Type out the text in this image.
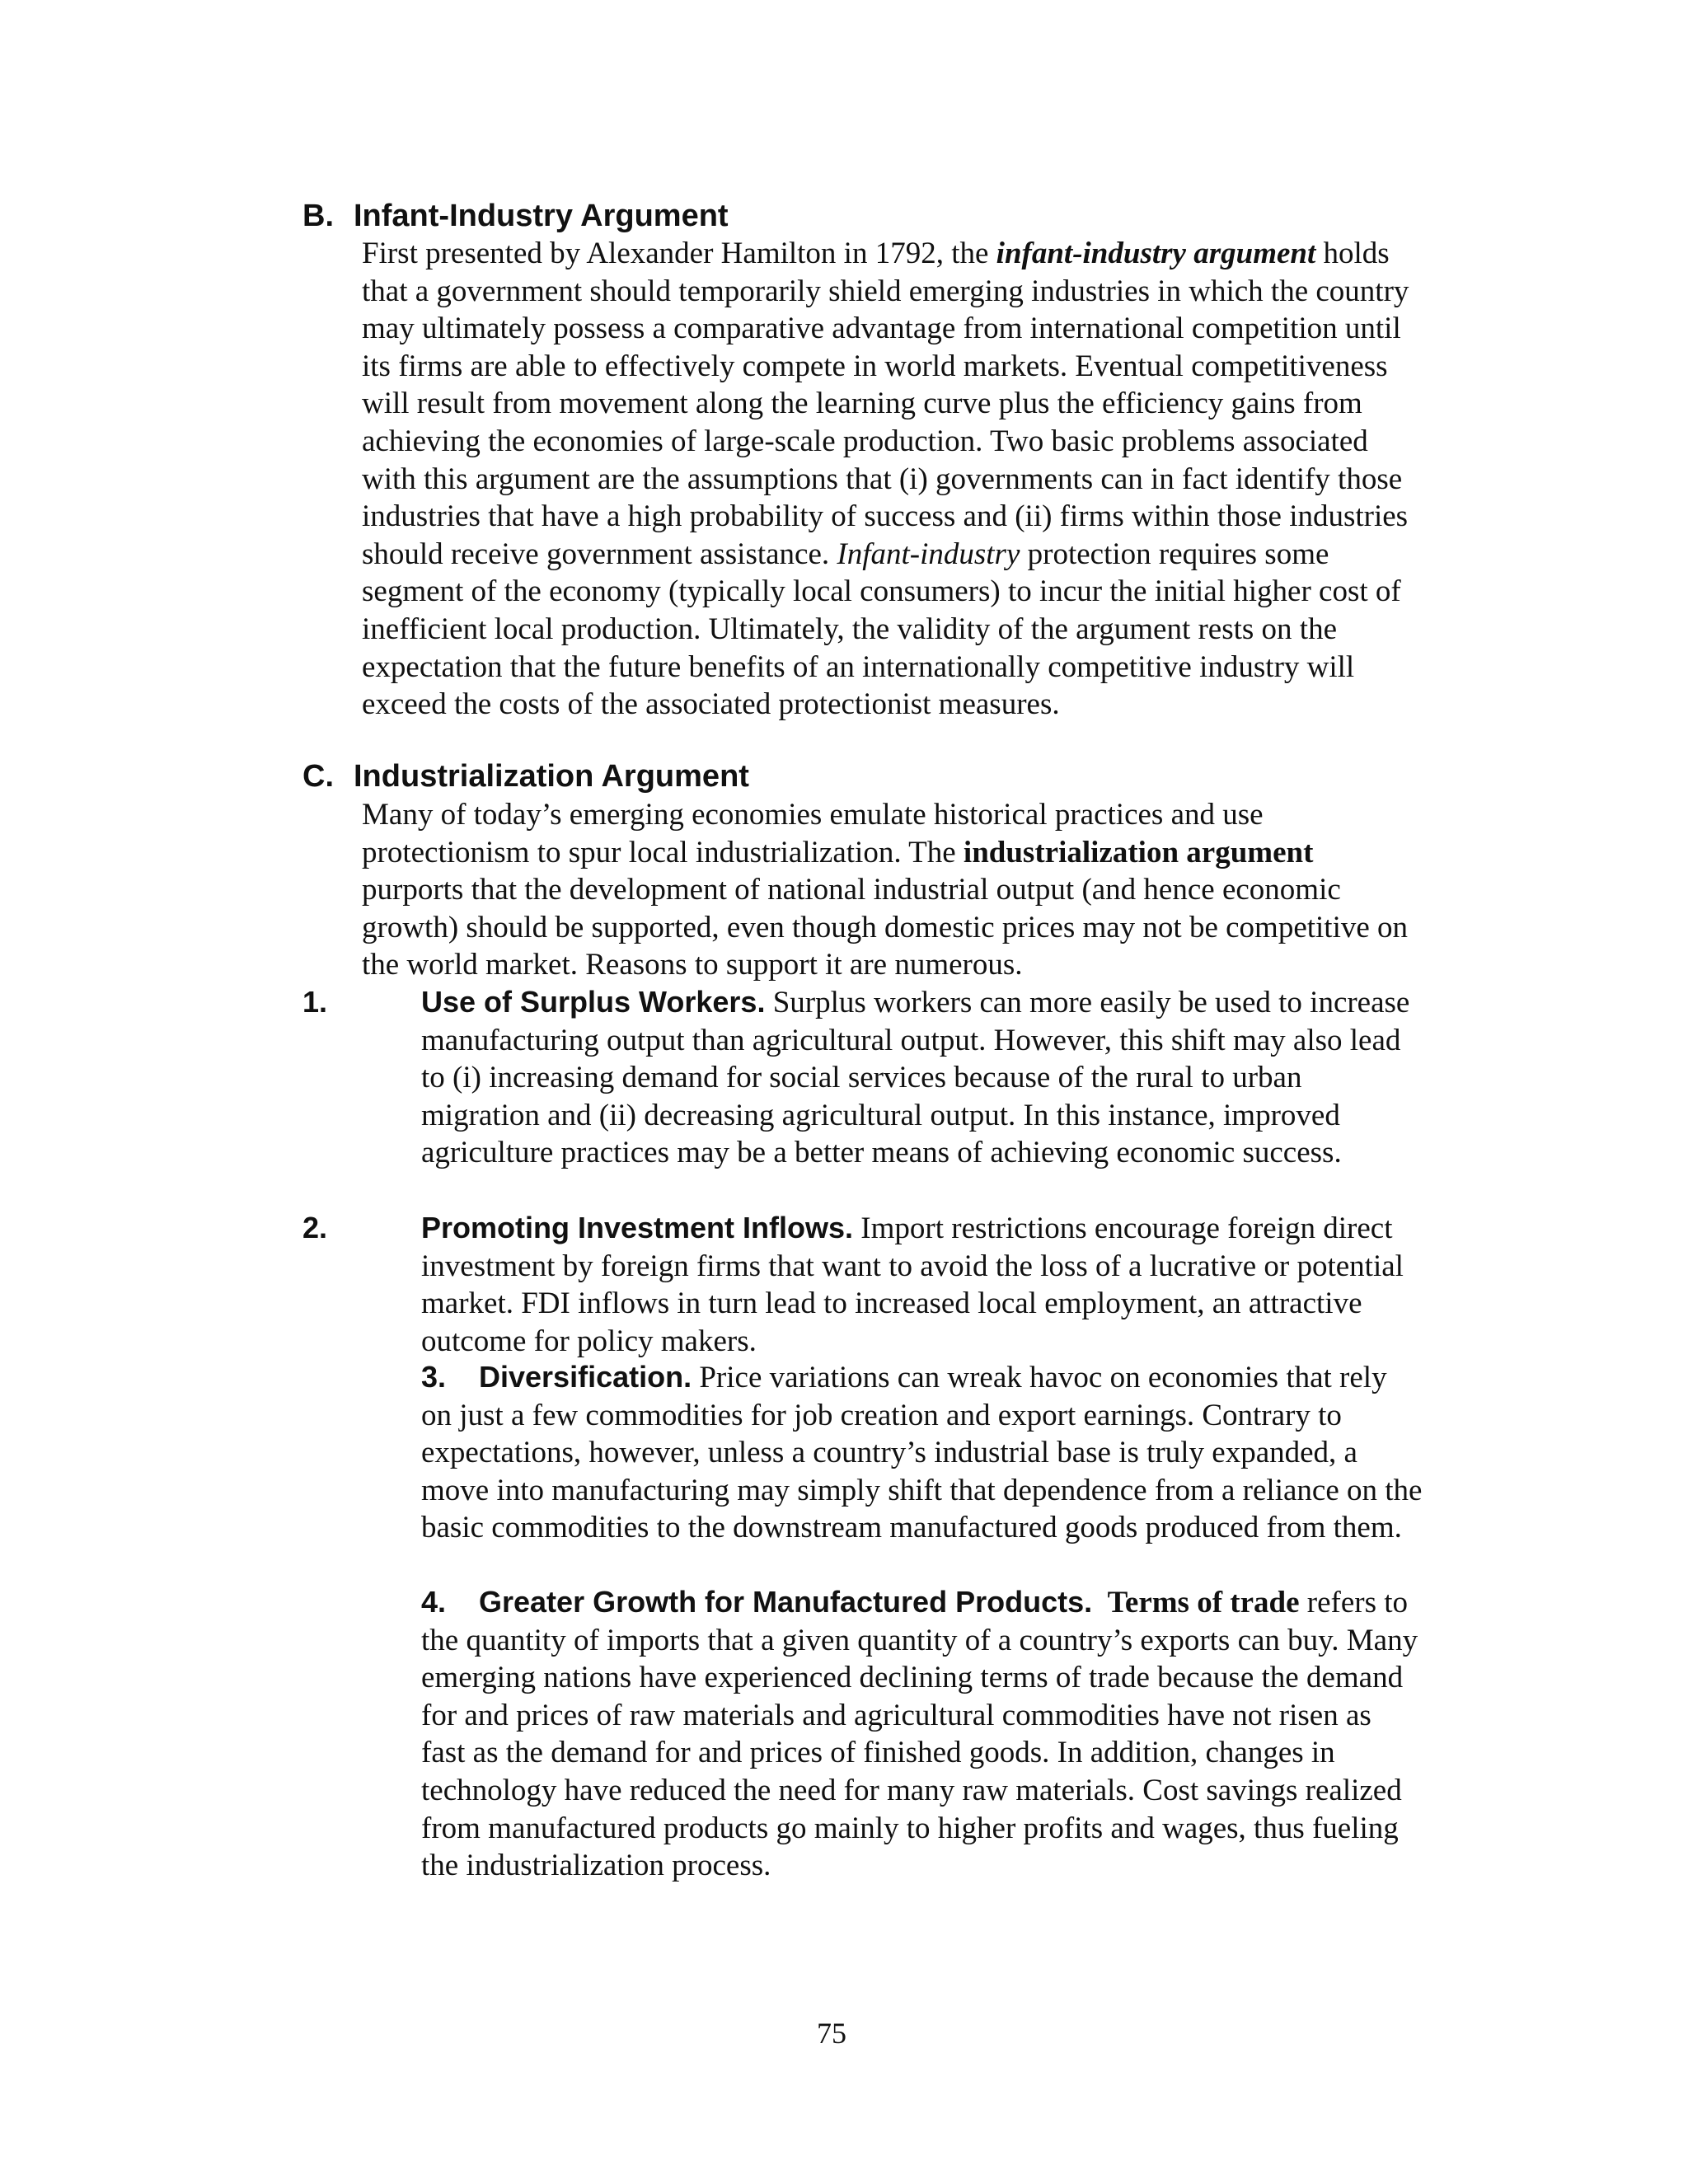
B. Infant-Industry Argument

First presented by Alexander Hamilton in 1792, the infant-industry argument holds that a government should temporarily shield emerging industries in which the country may ultimately possess a comparative advantage from international competition until its firms are able to effectively compete in world markets. Eventual competitiveness will result from movement along the learning curve plus the efficiency gains from achieving the economies of large-scale production. Two basic problems associated with this argument are the assumptions that (i) governments can in fact identify those industries that have a high probability of success and (ii) firms within those industries should receive government assistance. Infant-industry protection requires some segment of the economy (typically local consumers) to incur the initial higher cost of inefficient local production. Ultimately, the validity of the argument rests on the expectation that the future benefits of an internationally competitive industry will exceed the costs of the associated protectionist measures.

C. Industrialization Argument

Many of today’s emerging economies emulate historical practices and use protectionism to spur local industrialization. The industrialization argument purports that the development of national industrial output (and hence economic growth) should be supported, even though domestic prices may not be competitive on the world market. Reasons to support it are numerous.

1.	Use of Surplus Workers. Surplus workers can more easily be used to increase manufacturing output than agricultural output. However, this shift may also lead to (i) increasing demand for social services because of the rural to urban migration and (ii) decreasing agricultural output. In this instance, improved agriculture practices may be a better means of achieving economic success.

2.	Promoting Investment Inflows. Import restrictions encourage foreign direct investment by foreign firms that want to avoid the loss of a lucrative or potential market. FDI inflows in turn lead to increased local employment, an attractive outcome for policy makers.

3. Diversification. Price variations can wreak havoc on economies that rely on just a few commodities for job creation and export earnings. Contrary to expectations, however, unless a country’s industrial base is truly expanded, a move into manufacturing may simply shift that dependence from a reliance on the basic commodities to the downstream manufactured goods produced from them.

4. Greater Growth for Manufactured Products. Terms of trade refers to the quantity of imports that a given quantity of a country’s exports can buy. Many emerging nations have experienced declining terms of trade because the demand for and prices of raw materials and agricultural commodities have not risen as fast as the demand for and prices of finished goods. In addition, changes in technology have reduced the need for many raw materials. Cost savings realized from manufactured products go mainly to higher profits and wages, thus fueling the industrialization process.

75
